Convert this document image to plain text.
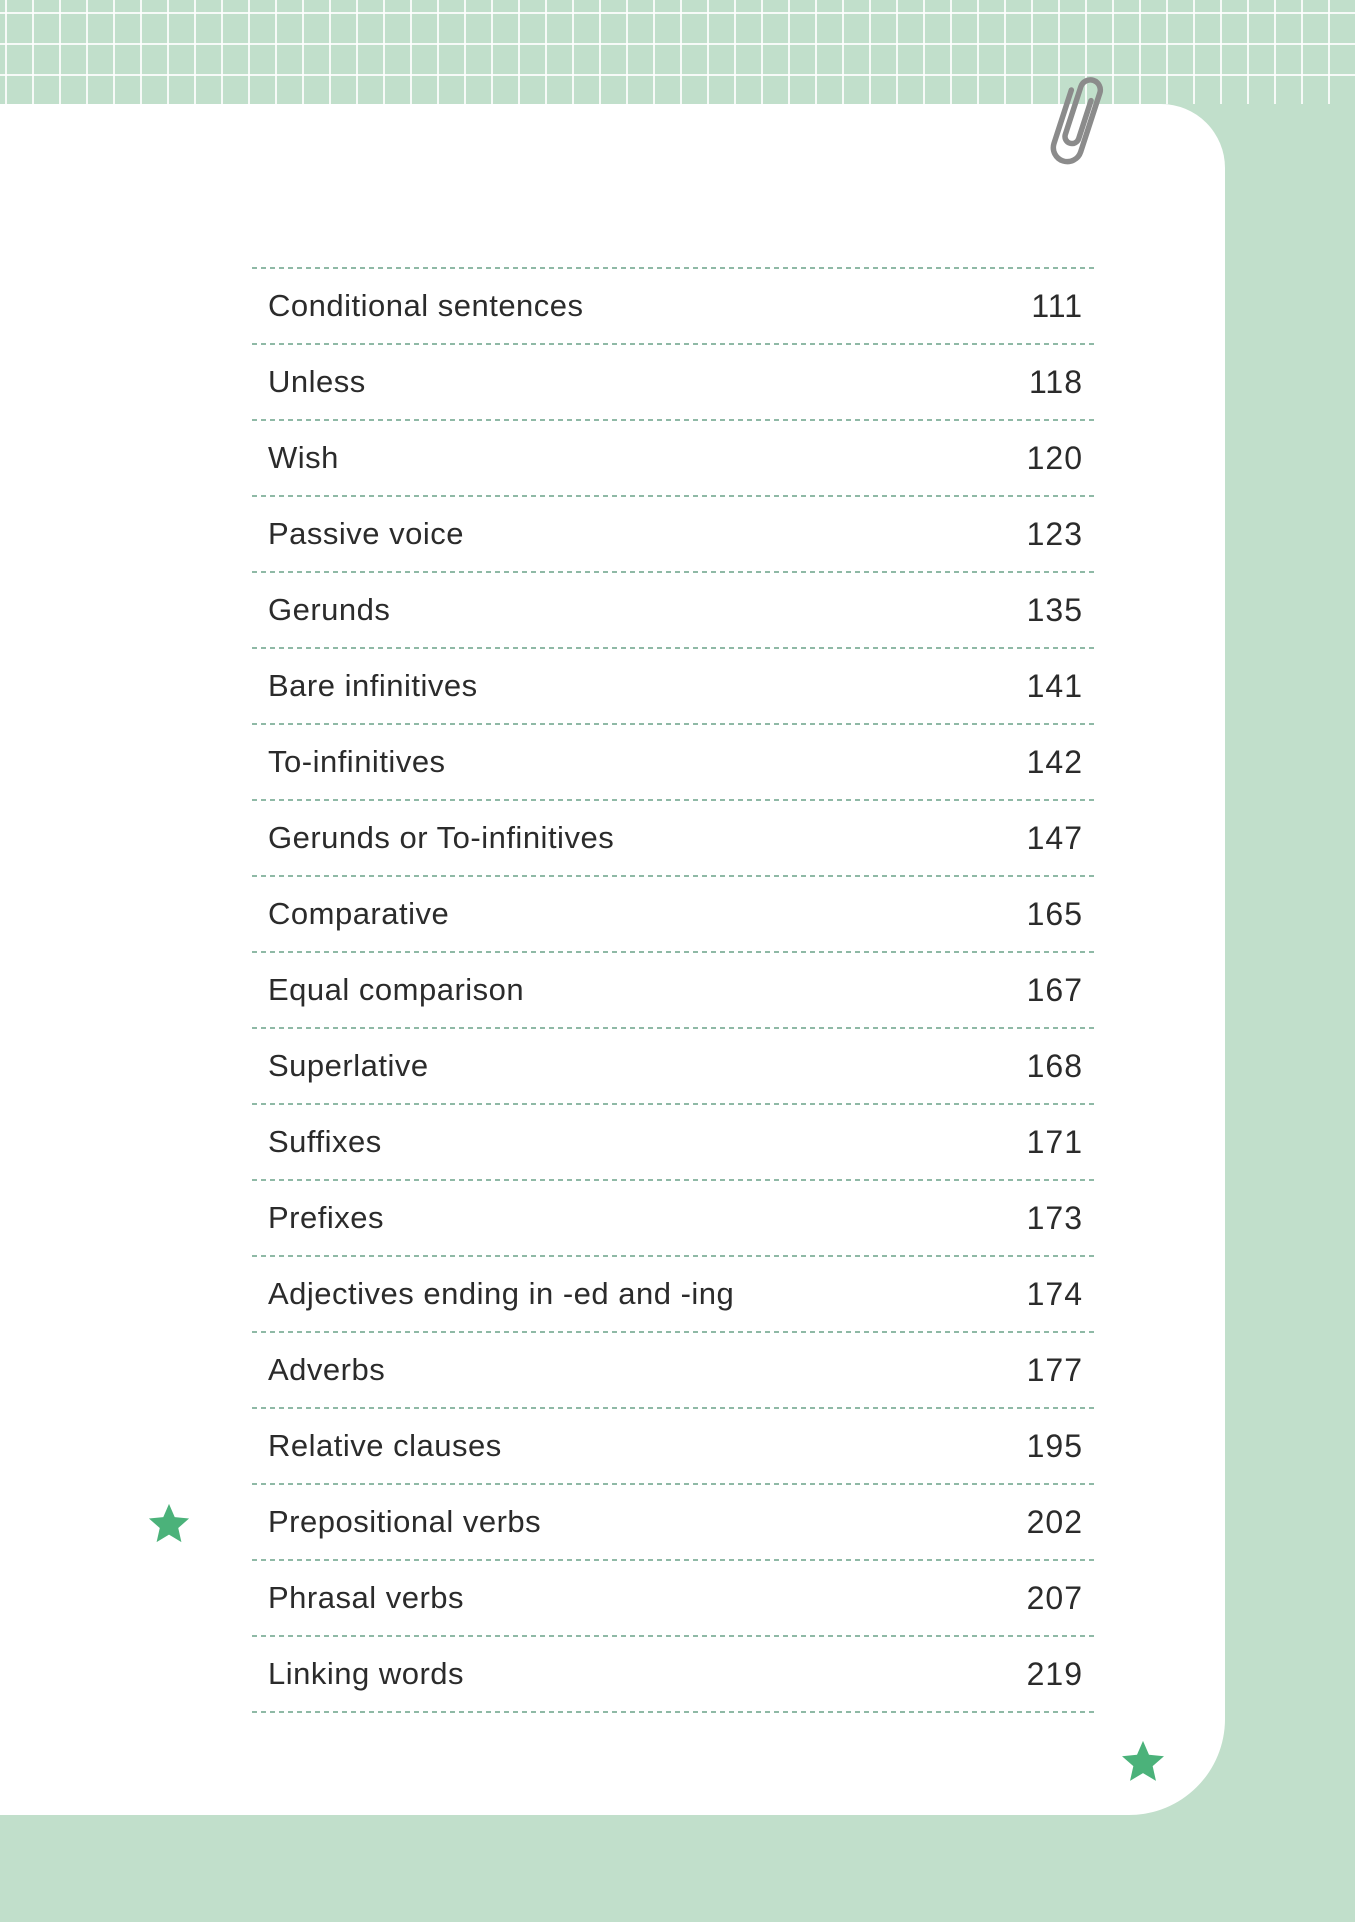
Conditional sentences	111
Unless	118
Wish	120
Passive voice	123
Gerunds	135
Bare infinitives	141
To-infinitives	142
Gerunds or To-infinitives	147
Comparative	165
Equal comparison	167
Superlative	168
Suffixes	171
Prefixes	173
Adjectives ending in -ed and -ing	174
Adverbs	177
Relative clauses	195
Prepositional verbs	202
Phrasal verbs	207
Linking words	219
